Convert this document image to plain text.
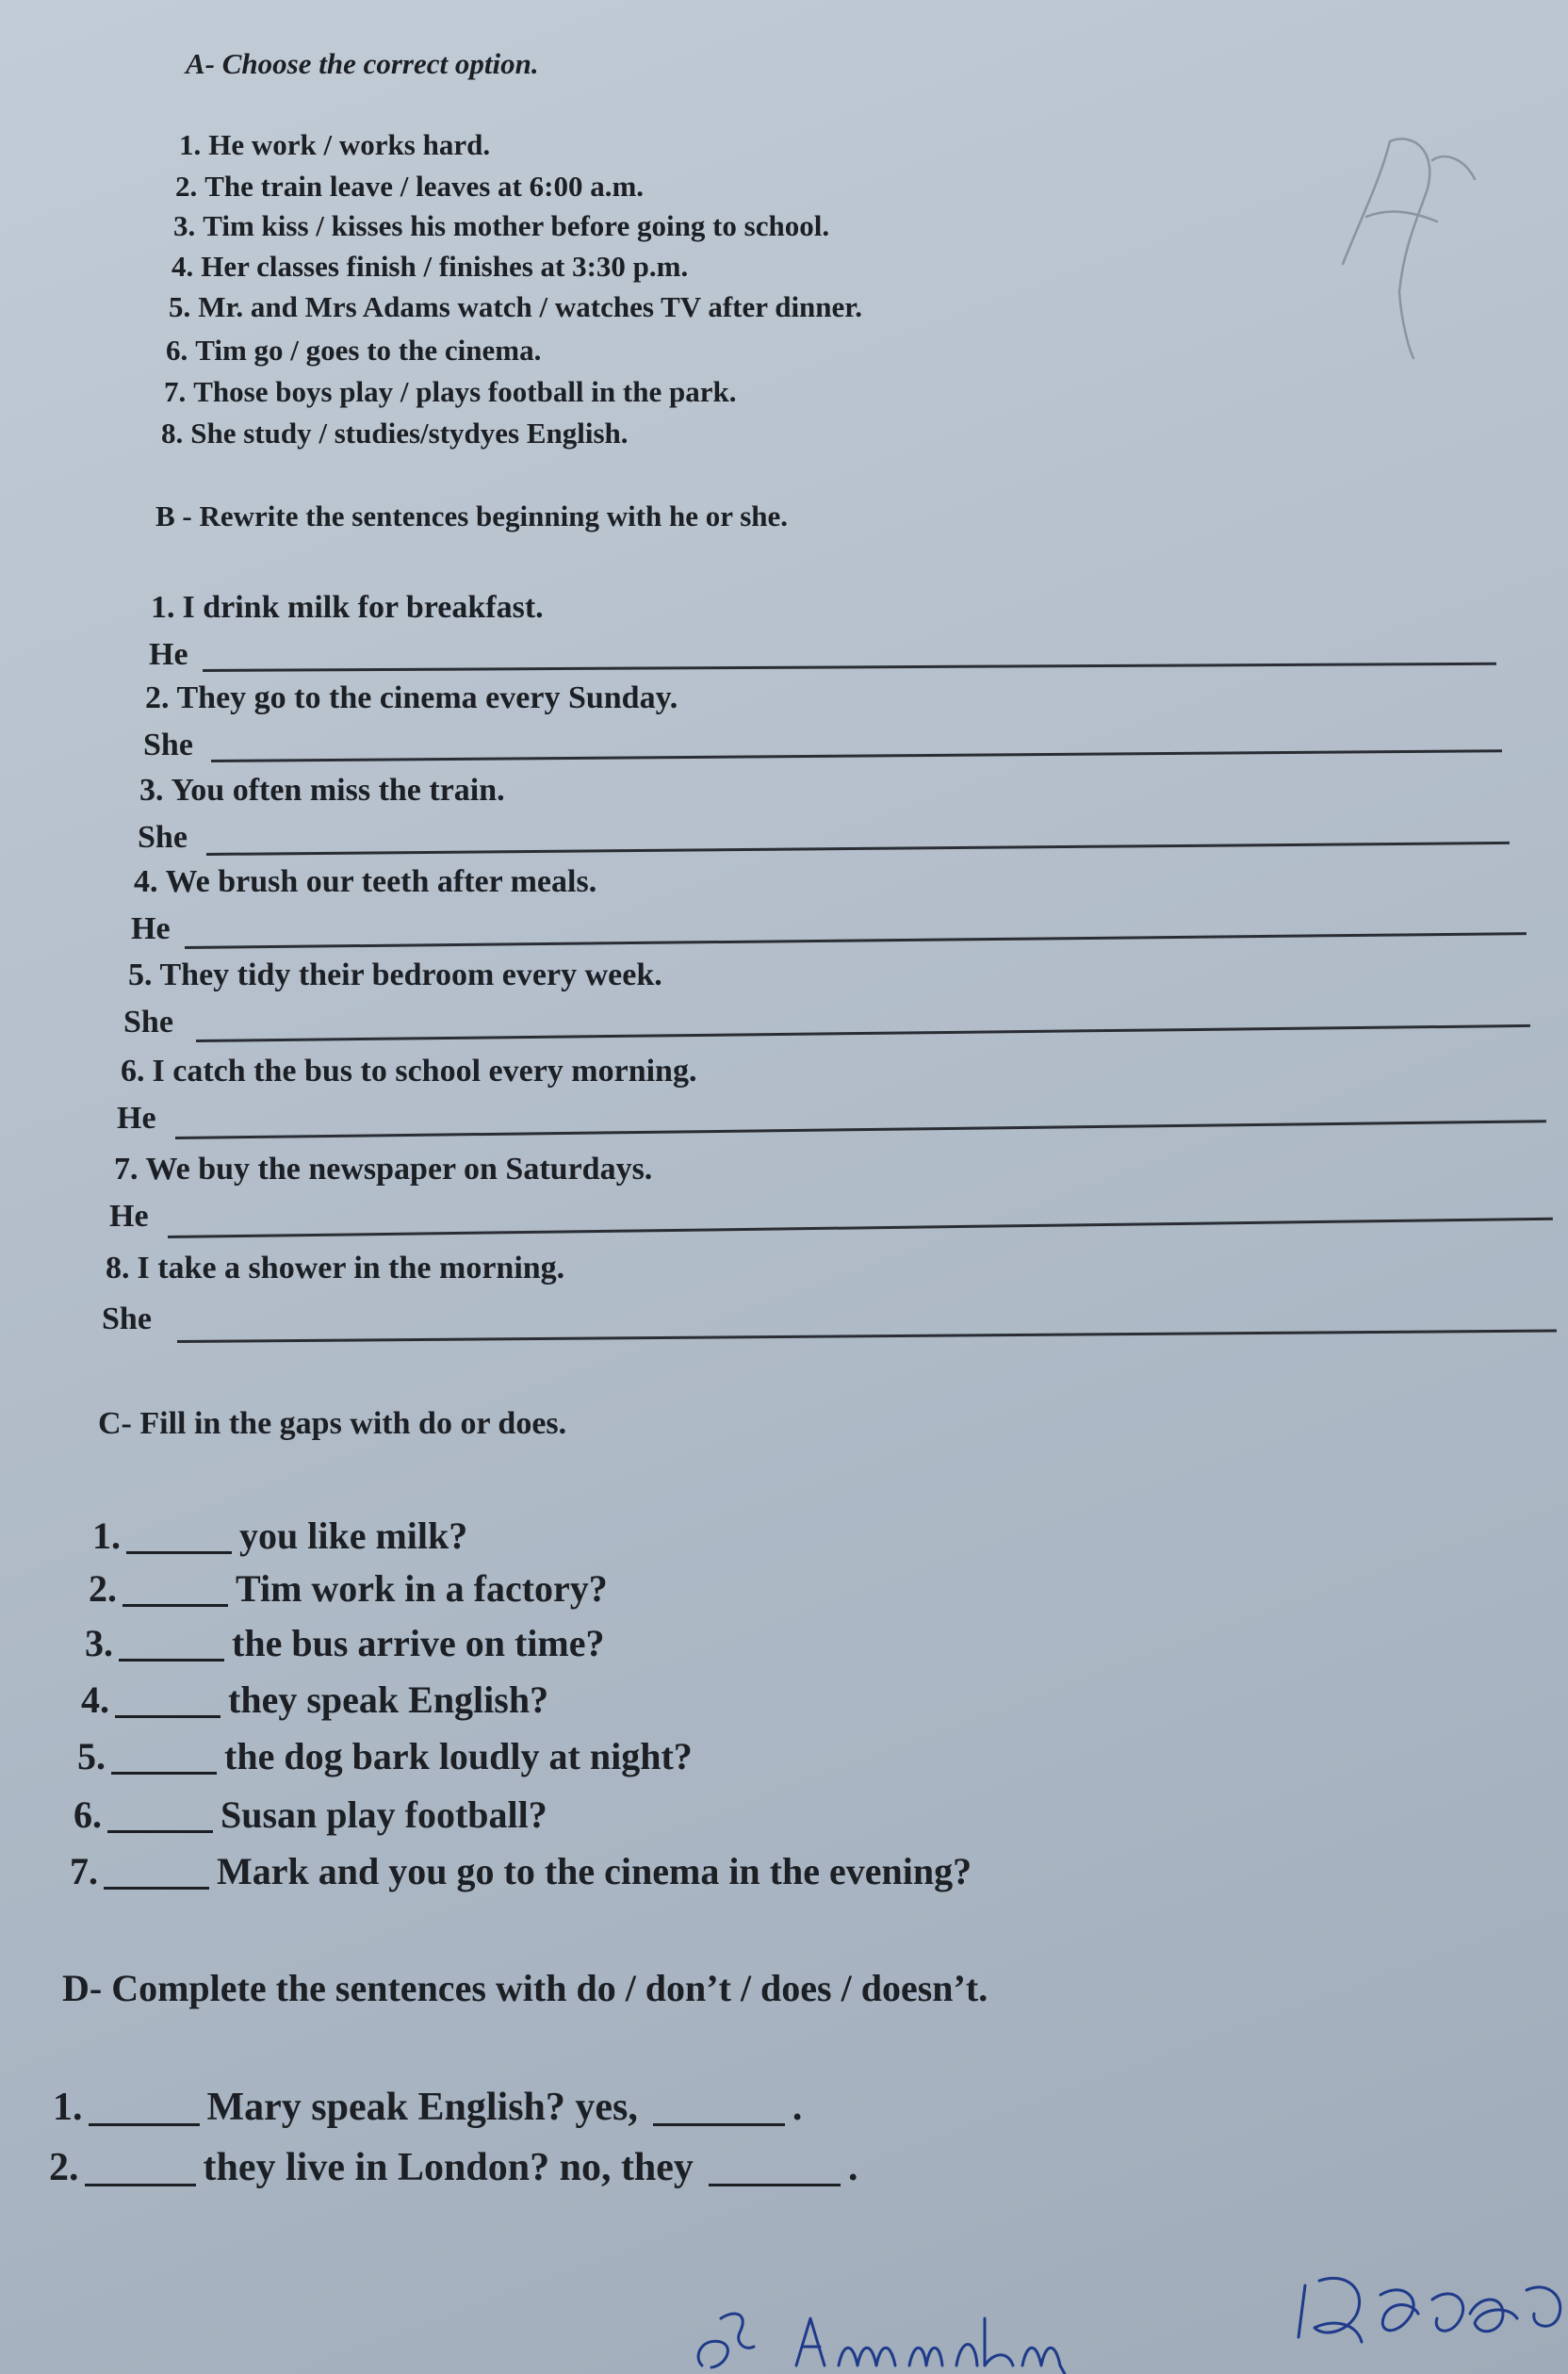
A- Choose the correct option.
1. He work / works hard.
2. The train leave / leaves at 6:00 a.m.
3. Tim kiss / kisses his mother before going to school.
4. Her classes finish / finishes at 3:30 p.m.
5. Mr. and Mrs Adams watch / watches TV after dinner.
6. Tim go / goes to the cinema.
7. Those boys play / plays football in the park.
8. She study / studies/stydyes English.
B - Rewrite the sentences beginning with he or she.
1. I drink milk for breakfast.
He
2. They go to the cinema every Sunday.
She
3. You often miss the train.
She
4. We brush our teeth after meals.
He
5. They tidy their bedroom every week.
She
6. I catch the bus to school every morning.
He
7. We buy the newspaper on Saturdays.
He
8. I take a shower in the morning.
She
C- Fill in the gaps with do or does.
1.	you like milk?
2.	Tim work in a factory?
3.	the bus arrive on time?
4.	they speak English?
5.	the dog bark loudly at night?
6.	Susan play football?
7.	Mark and you go to the cinema in the evening?
D- Complete the sentences with do / don’t / does / doesn’t.
1.	Mary speak English? yes,	.
2.	they live in London? no, they	.
